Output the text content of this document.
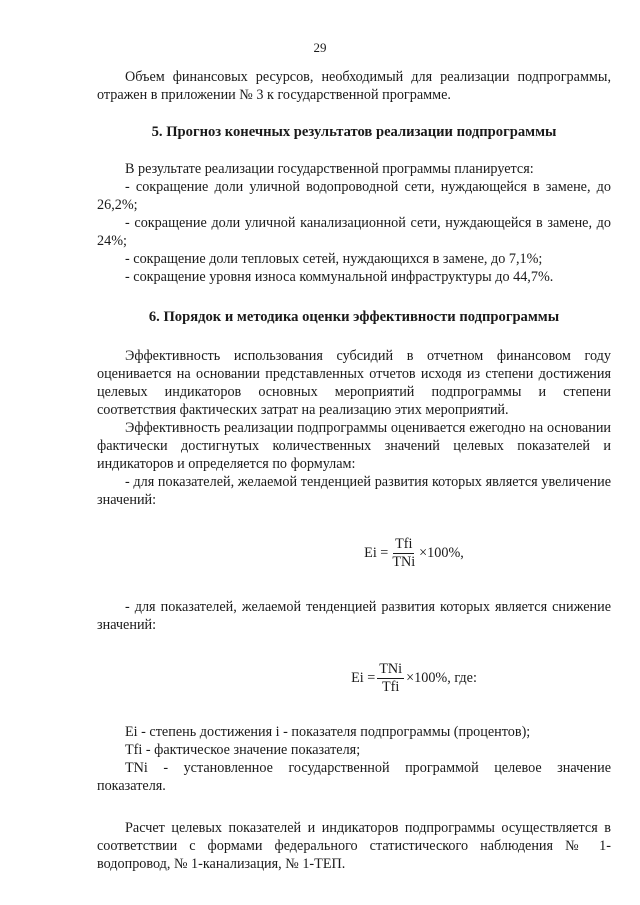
29

Объем финансовых ресурсов, необходимый для реализации подпрограммы, отражен в приложении № 3 к государственной программе.

5. Прогноз конечных результатов реализации подпрограммы

В результате реализации государственной программы планируется:

- сокращение доли уличной водопроводной сети, нуждающейся в замене, до 26,2%;

- сокращение доли уличной канализационной сети, нуждающейся в замене, до 24%;

- сокращение доли тепловых сетей, нуждающихся в замене, до 7,1%;

- сокращение уровня износа коммунальной инфраструктуры до 44,7%.

6. Порядок и методика оценки эффективности подпрограммы

Эффективность использования субсидий в отчетном финансовом году оценивается на основании представленных отчетов исходя из степени достижения целевых индикаторов основных мероприятий подпрограммы и степени соответствия фактических затрат на реализацию этих мероприятий.

Эффективность реализации подпрограммы оценивается ежегодно на основании фактически достигнутых количественных значений целевых показателей и индикаторов и определяется по формулам:

- для показателей, желаемой тенденцией развития которых является увеличение значений:

$Ei = \frac{\text{Tfi}}{\text{TNi}} \times 100\%$,

- для показателей, желаемой тенденцией развития которых является снижение значений:

$Ei = \frac{\text{TNi}}{\text{Tfi}} \times 100\%$, где:

Ei - степень достижения i - показателя подпрограммы (процентов);

Tfi - фактическое значение показателя;

TNi - установленное государственной программой целевое значение показателя.

Расчет целевых показателей и индикаторов подпрограммы осуществляется в соответствии с формами федерального статистического наблюдения № 1-водопровод, № 1-канализация, № 1-ТЕП.
